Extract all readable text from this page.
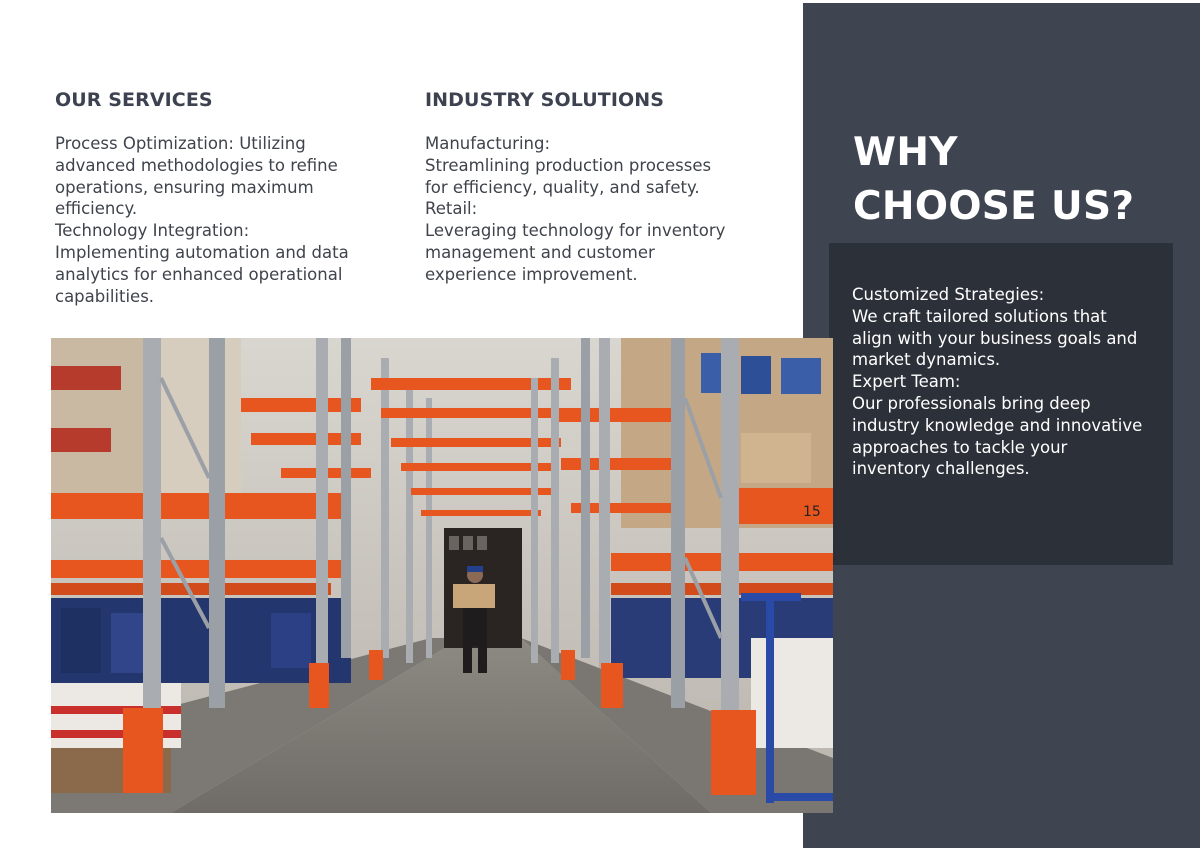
OUR SERVICES
Process Optimization: Utilizing
advanced methodologies to refine
operations, ensuring maximum
efficiency.
Technology Integration:
Implementing automation and data
analytics for enhanced operational
capabilities.
INDUSTRY SOLUTIONS
Manufacturing:
Streamlining production processes
for efficiency, quality, and safety.
Retail:
Leveraging technology for inventory
management and customer
experience improvement.
WHY
CHOOSE US?
Customized Strategies:
We craft tailored solutions that
align with your business goals and
market dynamics.
Expert Team:
Our professionals bring deep
industry knowledge and innovative
approaches to tackle your
inventory challenges.
15
